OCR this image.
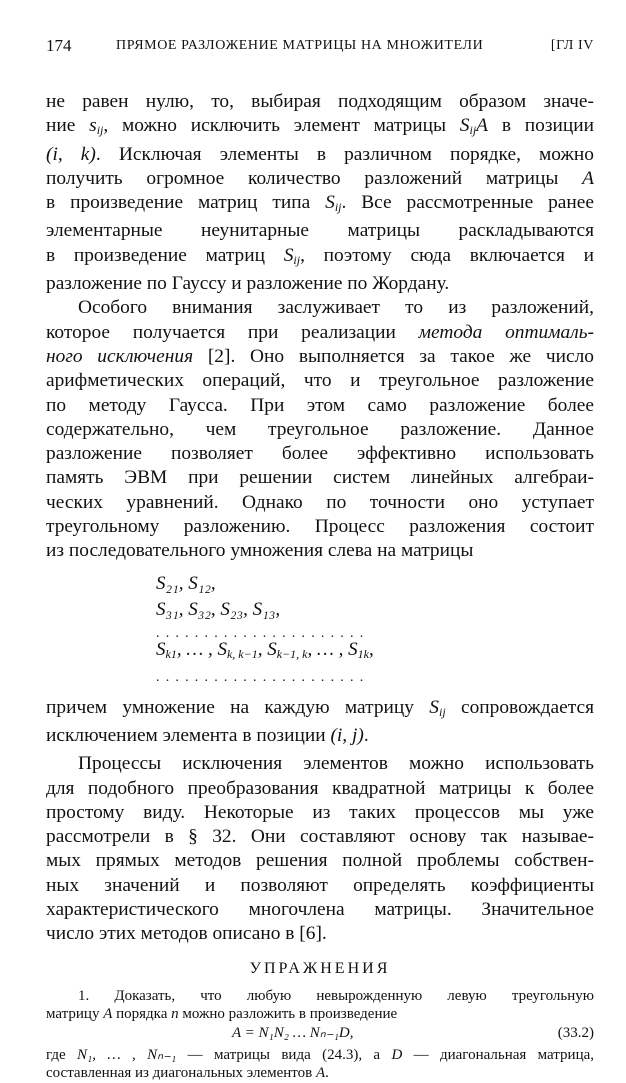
174	ПРЯМОЕ РАЗЛОЖЕНИЕ МАТРИЦЫ НА МНОЖИТЕЛИ	[ГЛ IV

не равен нулю, то, выбирая подходящим образом значе-
ние $s_{ij}$, можно исключить элемент матрицы $S_{ij}A$ в позиции
(i, k). Исключая элементы в различном порядке, можно
получить огромное количество разложений матрицы A
в произведение матриц типа $S_{ij}$. Все рассмотренные ранее
элементарные неунитарные матрицы раскладываются
в произведение матриц $S_{ij}$, поэтому сюда включается и
разложение по Гауссу и разложение по Жордану.

Особого внимания заслуживает то из разложений,
которое получается при реализации метода оптималь-
ного исключения [2]. Оно выполняется за такое же число
арифметических операций, что и треугольное разложение
по методу Гаусса. При этом само разложение более
содержательно, чем треугольное разложение. Данное
разложение позволяет более эффективно использовать
память ЭВМ при решении систем линейных алгебраи-
ческих уравнений. Однако по точности оно уступает
треугольному разложению. Процесс разложения состоит
из последовательного умножения слева на матрицы

S₂₁, S₁₂,
S₃₁, S₃₂, S₂₃, S₁₃,
......................
$S_{k1}$, … , $S_{k, k-1}$, $S_{k-1, k}$, … , $S_{1k}$,
......................

причем умножение на каждую матрицу $S_{ij}$ сопровождается
исключением элемента в позиции (i, j).

Процессы исключения элементов можно использовать
для подобного преобразования квадратной матрицы к более
простому виду. Некоторые из таких процессов мы уже
рассмотрели в § 32. Они составляют основу так называе-
мых прямых методов решения полной проблемы собствен-
ных значений и позволяют определять коэффициенты
характеристического многочлена матрицы. Значительное
число этих методов описано в [6].

УПРАЖНЕНИЯ
1. Доказать, что любую невырожденную левую треугольную
матрицу A порядка n можно разложить в произведение
A = N₁N₂ … Nₙ₋₁D,	(33.2)
где N₁, … , Nₙ₋₁ — матрицы вида (24.3), а D — диагональная матрица,
составленная из диагональных элементов A.
